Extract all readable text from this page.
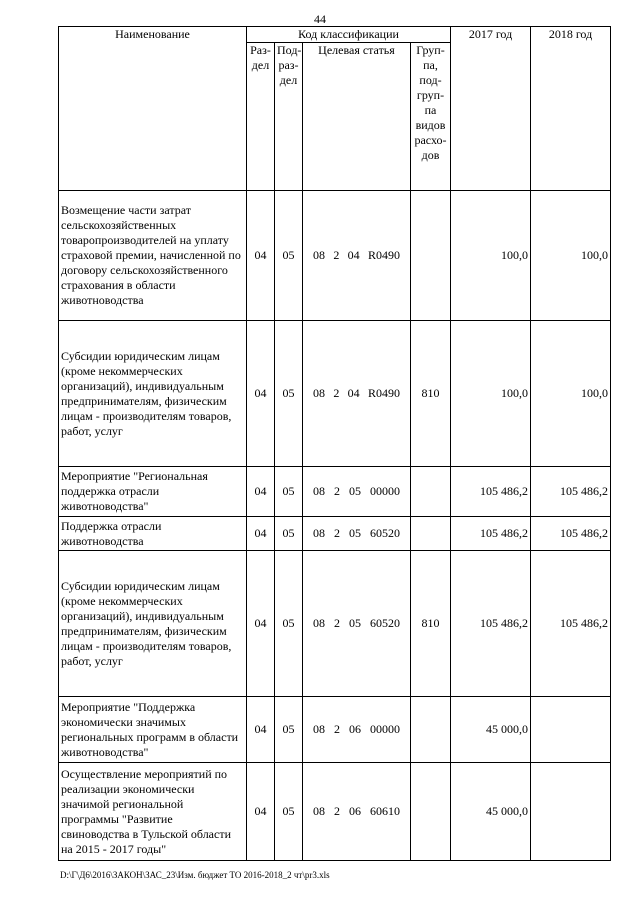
44
Наименование	Код классификации				2017 год	2018 год
	Раз-дел	Под-раз-дел	Целевая статья	Груп-па, под-груп-па видов расхо-дов		
Возмещение части затрат сельскохозяйственных товаропроизводителей на уплату страховой премии, начисленной по договору сельскохозяйственного страхования в области животноводства	04	05	08 2 04 R0490		100,0	100,0
Субсидии юридическим лицам (кроме некоммерческих организаций), индивидуальным предпринимателям, физическим лицам - производителям товаров, работ, услуг	04	05	08 2 04 R0490	810	100,0	100,0
Мероприятие "Региональная поддержка отрасли животноводства"	04	05	08 2 05 00000		105 486,2	105 486,2
Поддержка отрасли животноводства	04	05	08 2 05 60520		105 486,2	105 486,2
Субсидии юридическим лицам (кроме некоммерческих организаций), индивидуальным предпринимателям, физическим лицам - производителям товаров, работ, услуг	04	05	08 2 05 60520	810	105 486,2	105 486,2
Мероприятие "Поддержка экономически значимых региональных программ в области животноводства"	04	05	08 2 06 00000		45 000,0	
Осуществление мероприятий по реализации экономически значимой региональной программы "Развитие свиноводства в Тульской области на 2015 - 2017 годы"	04	05	08 2 06 60610		45 000,0	
D:\Г\Д6\2016\ЗАКОН\ЗАС_23\Изм. бюджет ТО 2016-2018_2 чт\pr3.xls
